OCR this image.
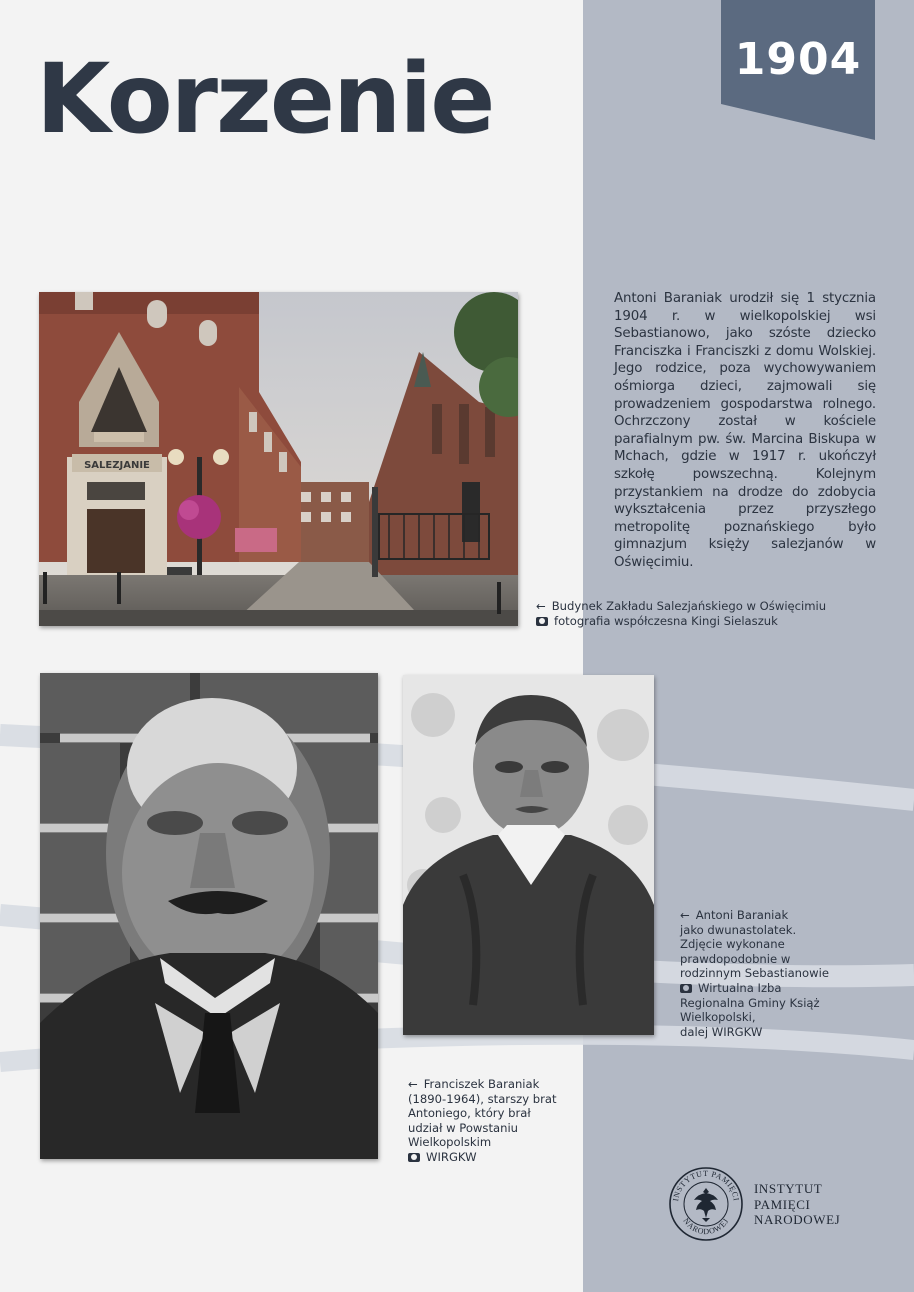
1904
Korzenie
SALEZJANIE

Antoni Baraniak urodził się 1 stycznia 1904 r. w wielkopolskiej wsi Sebastianowo, jako szóste dziecko Franciszka i Franciszki z domu Wolskiej. Jego rodzice, poza wychowywaniem ośmiorga dzieci, zajmowali się prowadzeniem gospodarstwa rolnego. Ochrzczony został w kościele parafialnym pw. św. Marcina Biskupa w Mchach, gdzie w 1917 r. ukończył szkołę powszechną. Kolejnym przystankiem na drodze do zdobycia wykształcenia przez przyszłego metropolitę poznańskiego było gimnazjum księży salezjanów w Oświęcimiu.

← Budynek Zakładu Salezjańskiego w Oświęcimiu
fotografia współczesna Kingi Sielaszuk
← Franciszek Baraniak
(1890-1964), starszy brat
Antoniego, który brał
udział w Powstaniu
Wielkopolskim
WIRGKW
← Antoni Baraniak
jako dwunastolatek.
Zdjęcie wykonane
prawdopodobnie w
rodzinnym Sebastianowie
Wirtualna Izba
Regionalna Gminy Książ
Wielkopolski,
dalej WIRGKW
INSTYTUT PAMIĘCI
NARODOWEJ
INSTYTUT
PAMIĘCI
NARODOWEJ
